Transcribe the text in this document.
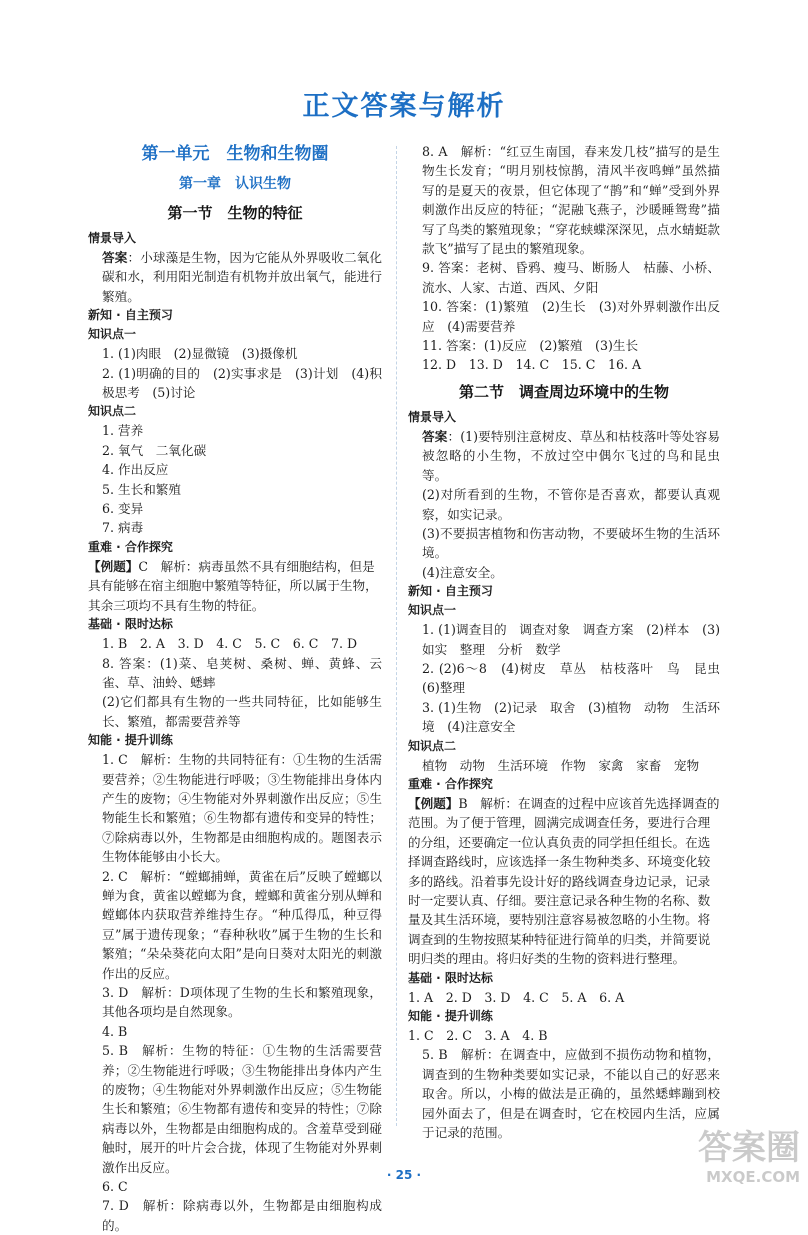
正文答案与解析
第一单元　生物和生物圈
第一章　认识生物
第一节　生物的特征

情景导入

答案：小球藻是生物，因为它能从外界吸收二氧化碳和水，利用阳光制造有机物并放出氧气，能进行繁殖。

新知 · 自主预习

知识点一

1. (1)肉眼　(2)显微镜　(3)摄像机

2. (1)明确的目的　(2)实事求是　(3)计划　(4)积极思考　(5)讨论

知识点二

1. 营养

2. 氧气　二氧化碳

4. 作出反应

5. 生长和繁殖

6. 变异

7. 病毒

重难 · 合作探究

【例题】C　解析：病毒虽然不具有细胞结构，但是具有能够在宿主细胞中繁殖等特征，所以属于生物，其余三项均不具有生物的特征。

基础 · 限时达标

1. B　2. A　3. D　4. C　5. C　6. C　7. D

8. 答案：(1)菜、皂荚树、桑树、蝉、黄蜂、云雀、草、油蛉、蟋蟀

(2)它们都具有生物的一些共同特征，比如能够生长、繁殖，都需要营养等

知能 · 提升训练

1. C　解析：生物的共同特征有：①生物的生活需要营养；②生物能进行呼吸；③生物能排出身体内产生的废物；④生物能对外界刺激作出反应；⑤生物能生长和繁殖；⑥生物都有遗传和变异的特性；⑦除病毒以外，生物都是由细胞构成的。题图表示生物体能够由小长大。

2. C　解析：“螳螂捕蝉，黄雀在后”反映了螳螂以蝉为食，黄雀以螳螂为食，螳螂和黄雀分别从蝉和螳螂体内获取营养维持生存。“种瓜得瓜，种豆得豆”属于遗传现象；“春种秋收”属于生物的生长和繁殖；“朵朵葵花向太阳”是向日葵对太阳光的刺激作出的反应。

3. D　解析：D项体现了生物的生长和繁殖现象，其他各项均是自然现象。

4. B

5. B　解析：生物的特征：①生物的生活需要营养；②生物能进行呼吸；③生物能排出身体内产生的废物；④生物能对外界刺激作出反应；⑤生物能生长和繁殖；⑥生物都有遗传和变异的特性；⑦除病毒以外，生物都是由细胞构成的。含羞草受到碰触时，展开的叶片会合拢，体现了生物能对外界刺激作出反应。

6. C

7. D　解析：除病毒以外，生物都是由细胞构成的。

8. A　解析：“红豆生南国，春来发几枝”描写的是生物生长发育；“明月别枝惊鹊，清风半夜鸣蝉”虽然描写的是夏天的夜景，但它体现了“鹊”和“蝉”受到外界刺激作出反应的特征；“泥融飞燕子，沙暖睡鸳鸯”描写了鸟类的繁殖现象；“穿花蛱蝶深深见，点水蜻蜓款款飞”描写了昆虫的繁殖现象。

9. 答案：老树、昏鸦、瘦马、断肠人　枯藤、小桥、流水、人家、古道、西风、夕阳

10. 答案：(1)繁殖　(2)生长　(3)对外界刺激作出反应　(4)需要营养

11. 答案：(1)反应　(2)繁殖　(3)生长

12. D　13. D　14. C　15. C　16. A

第二节　调查周边环境中的生物

情景导入

答案：(1)要特别注意树皮、草丛和枯枝落叶等处容易被忽略的小生物，不放过空中偶尔飞过的鸟和昆虫等。

(2)对所看到的生物，不管你是否喜欢，都要认真观察，如实记录。

(3)不要损害植物和伤害动物，不要破坏生物的生活环境。

(4)注意安全。

新知 · 自主预习

知识点一

1. (1)调查目的　调查对象　调查方案　(2)样本　(3)如实　整理　分析　数学

2. (2)6～8　(4)树皮　草丛　枯枝落叶　鸟　昆虫　(6)整理

3. (1)生物　(2)记录　取舍　(3)植物　动物　生活环境　(4)注意安全

知识点二

植物　动物　生活环境　作物　家禽　家畜　宠物

重难 · 合作探究

【例题】B　解析：在调查的过程中应该首先选择调查的范围。为了便于管理，圆满完成调查任务，要进行合理的分组，还要确定一位认真负责的同学担任组长。在选择调查路线时，应该选择一条生物种类多、环境变化较多的路线。沿着事先设计好的路线调查身边记录，记录时一定要认真、仔细。要注意记录各种生物的名称、数量及其生活环境，要特别注意容易被忽略的小生物。将调查到的生物按照某种特征进行简单的归类，并简要说明归类的理由。将归好类的生物的资料进行整理。

基础 · 限时达标

1. A　2. D　3. D　4. C　5. A　6. A

知能 · 提升训练

1. C　2. C　3. A　4. B

5. B　解析：在调查中，应做到不损伤动物和植物，调查到的生物种类要如实记录，不能以自己的好恶来取舍。所以，小梅的做法是正确的，虽然蟋蟀蹦到校园外面去了，但是在调查时，它在校园内生活，应属于记录的范围。

· 25 ·
答案圈
MXQE.COM
